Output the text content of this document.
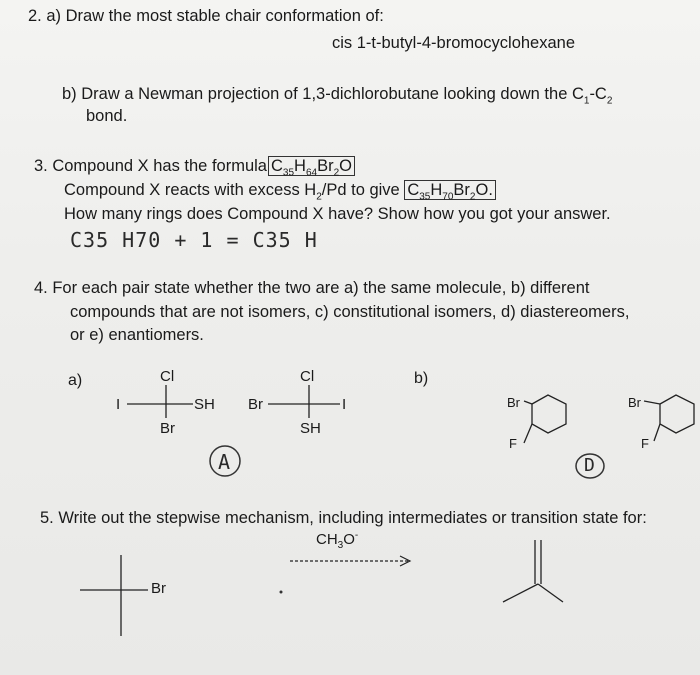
2. a) Draw the most stable chair conformation of:
cis 1-t-butyl-4-bromocyclohexane
b) Draw a Newman projection of 1,3-dichlorobutane looking down the $C_1-C_2$
bond.
3. Compound X has the formula $C_{35}H_{64}Br_2O$
Compound X reacts with excess $H_2/Pd$ to give $C_{35}H_{70}Br_2O$.
How many rings does Compound X have? Show how you got your answer.
C35 H70 + 1 = C35 H
4. For each pair state whether the two are a) the same molecule, b) different
compounds that are not isomers, c) constitutional isomers, d) diastereomers,
or e) enantiomers.
a)	b)
Cl
I	SH
Br
Cl
Br	I
SH
A
Br
F
Br
F
D
5. Write out the stepwise mechanism, including intermediates or transition state for:
$CH_3O^-$
Br
